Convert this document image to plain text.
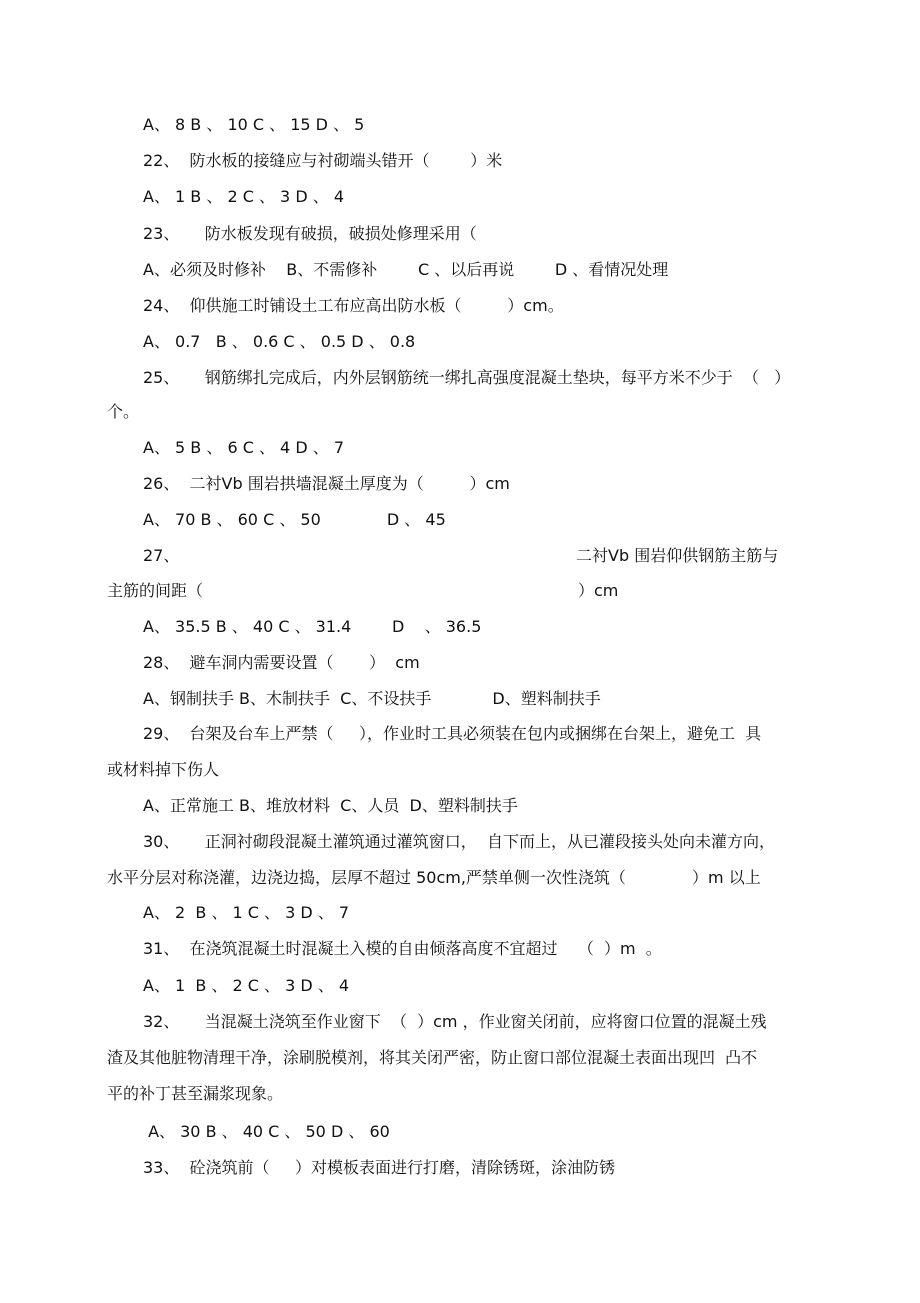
A、 8 B 、 10 C 、 15 D 、 5
22、  防水板的接缝应与衬砌端头错开（        ）米
A、 1 B 、 2 C 、 3 D 、 4
23、     防水板发现有破损，破损处修理采用（
A、必须及时修补    B、不需修补        C 、以后再说        D 、看情况处理
24、  仰供施工时铺设土工布应高出防水板（         ）cm。
A、 0.7   B 、 0.6 C 、 0.5 D 、 0.8
25、     钢筋绑扎完成后，内外层钢筋统一绑扎高强度混凝土垫块，每平方米不少于  （   ）
个。
A、 5 B 、 6 C 、 4 D 、 7
26、  二衬Ⅴb 围岩拱墙混凝土厚度为（         ）cm
A、 70 B 、 60 C 、 50             D 、 45
27、	二衬Ⅴb 围岩仰供钢筋主筋与
主筋的间距（	）cm
A、 35.5 B 、 40 C 、 31.4        D    、 36.5
28、  避车洞内需要设置（       ）  cm
A、钢制扶手 B、木制扶手  C、不设扶手            D、塑料制扶手
29、  台架及台车上严禁（     ），作业时工具必须装在包内或捆绑在台架上，避免工  具
或材料掉下伤人
A、正常施工 B、堆放材料  C、人员  D、塑料制扶手
30、     正洞衬砌段混凝土灌筑通过灌筑窗口，  自下而上，从已灌段接头处向未灌方向，
水平分层对称浇灌，边浇边捣，层厚不超过 50cm,严禁单侧一次性浇筑（             ）m 以上
A、 2  B 、 1 C 、 3 D 、 7
31、  在浇筑混凝土时混凝土入模的自由倾落高度不宜超过    （  ）m  。
A、 1  B 、 2 C 、 3 D 、 4
32、     当混凝土浇筑至作业窗下  （  ）cm ，作业窗关闭前，应将窗口位置的混凝土残
渣及其他脏物清理干净，涂刷脱模剂，将其关闭严密，防止窗口部位混凝土表面出现凹  凸不
平的补丁甚至漏浆现象。
A、 30 B 、 40 C 、 50 D 、 60
33、  砼浇筑前（     ）对模板表面进行打磨，清除锈斑，涂油防锈
